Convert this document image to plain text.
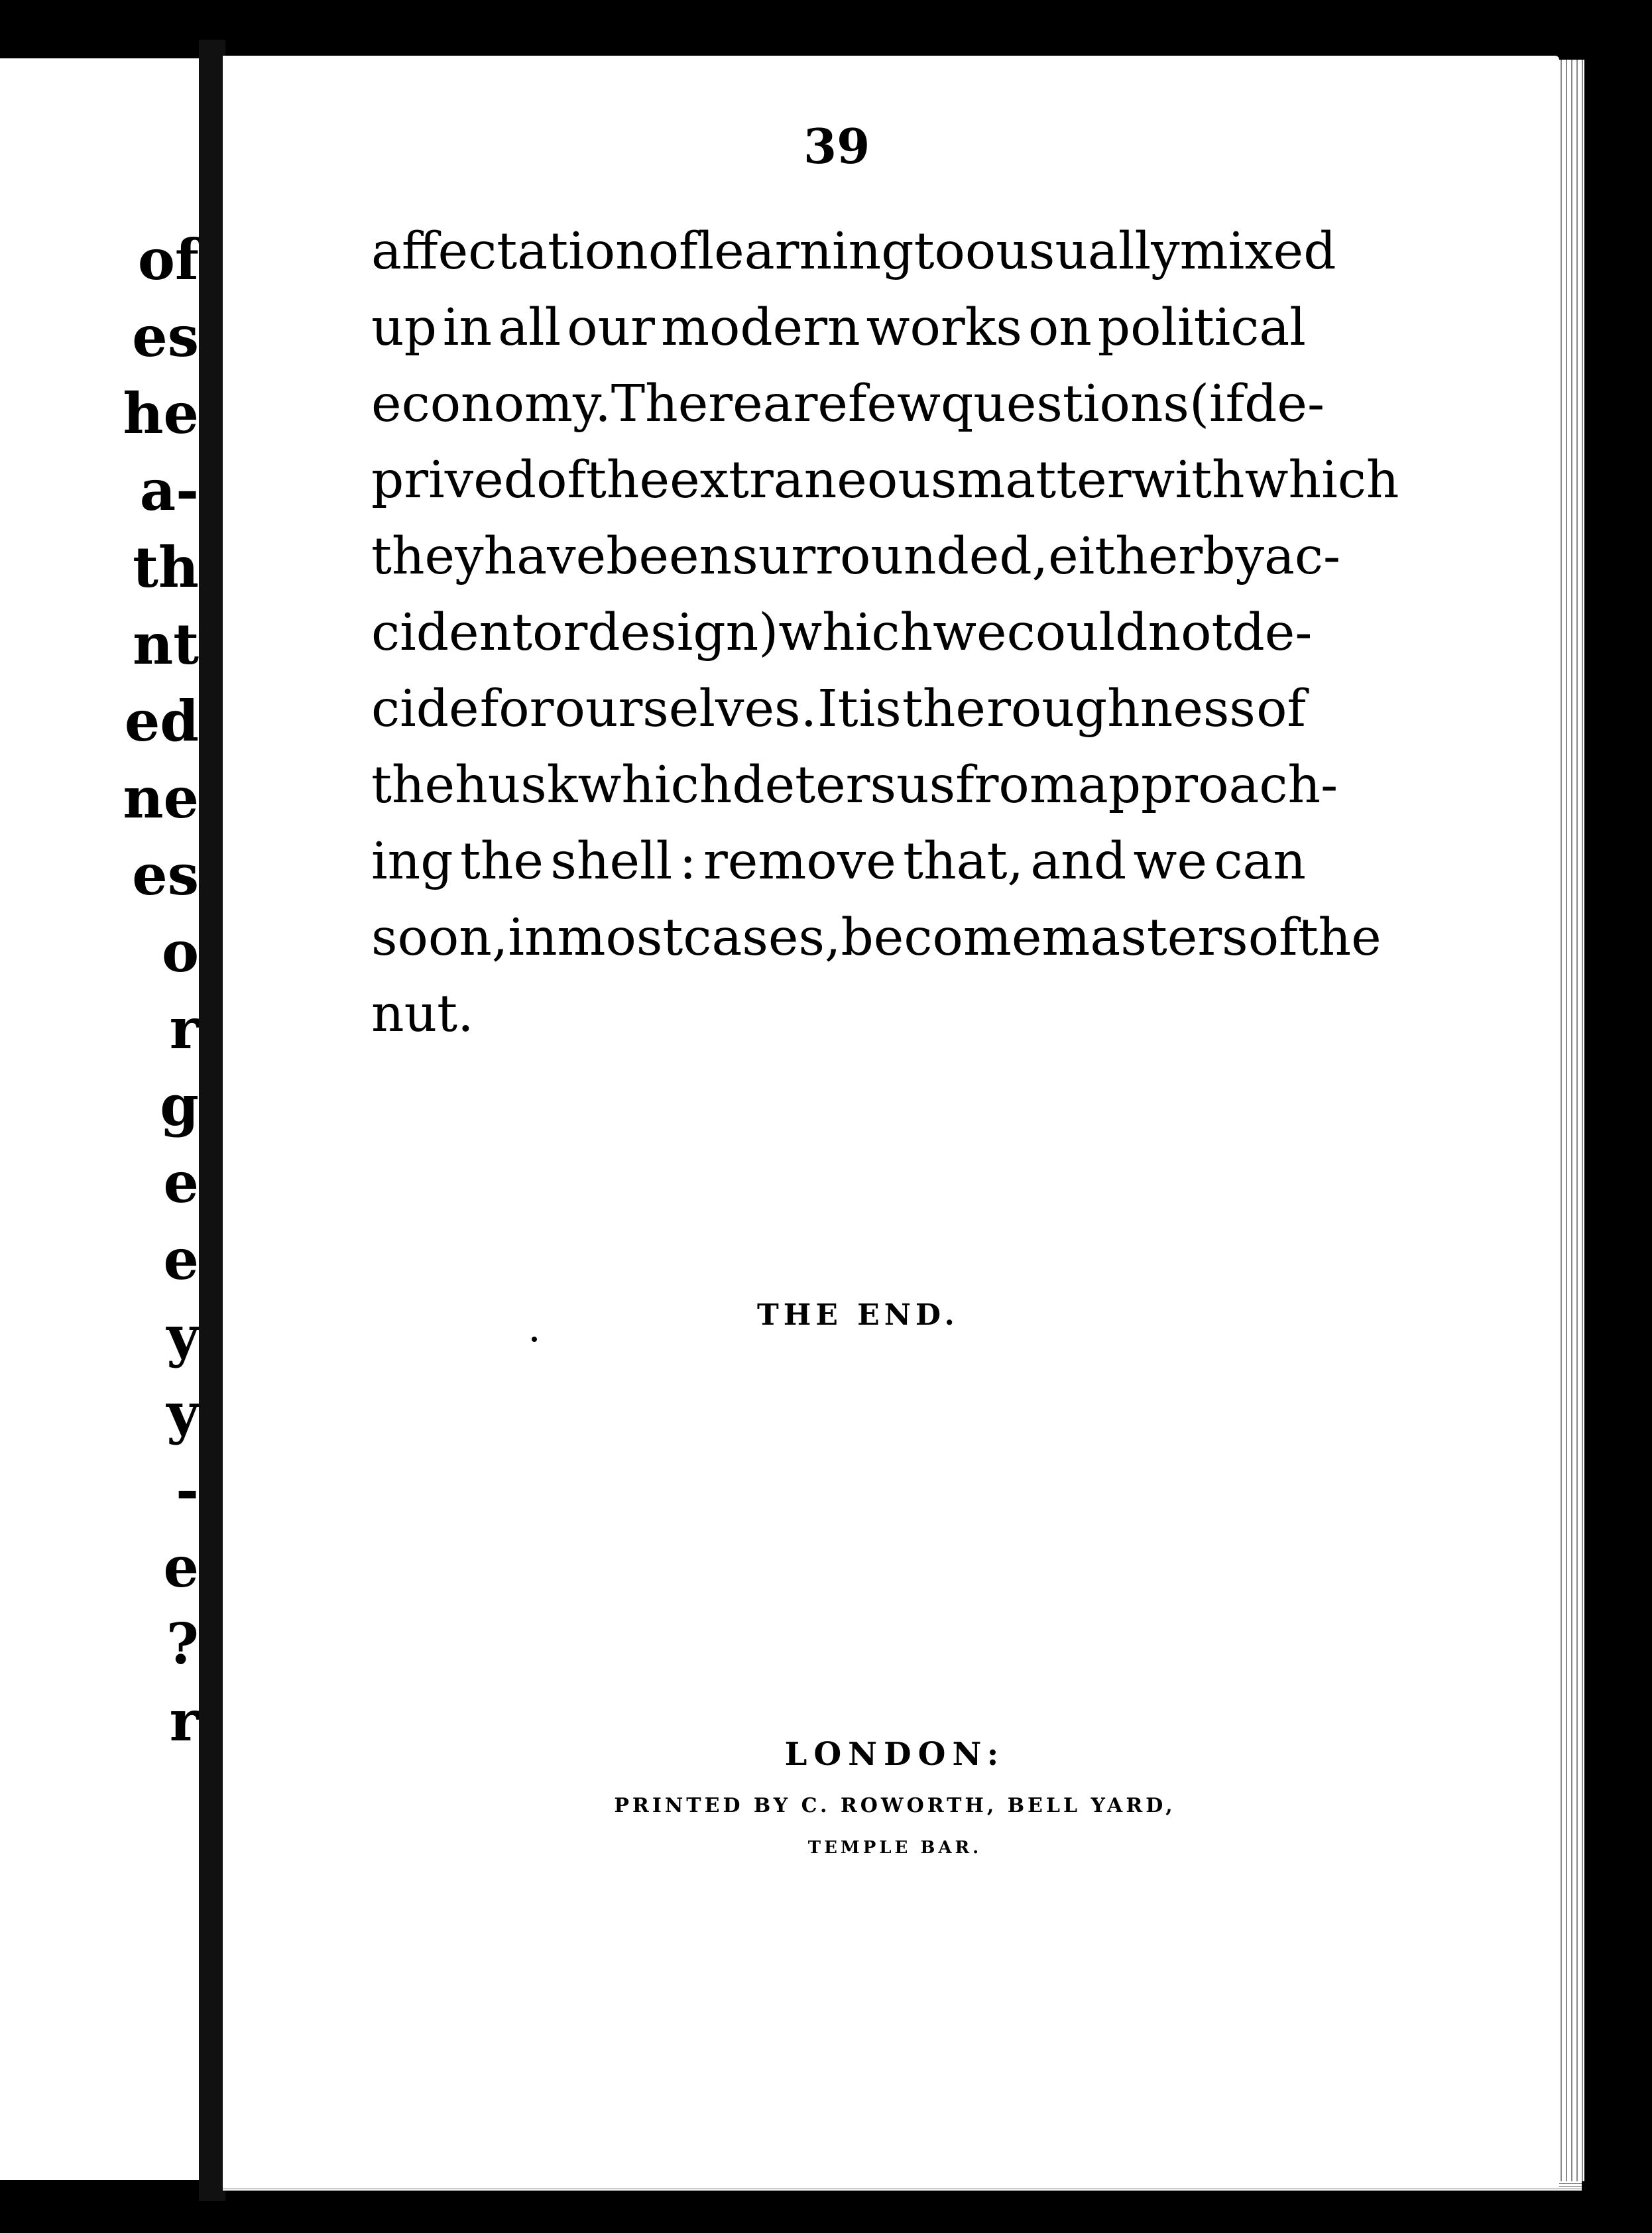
of
es
he
a-
th
nt
ed
ne
es
o
r
g
e
e
y
y
-
e
?
r
39
affectation of learning too usually mixed
up in all our modern works on political
economy. There are few questions (if de-
prived of the extraneous matter with which
they have been surrounded, either by ac-
cident or design) which we could not de-
cide for ourselves. It is the roughness of
the husk which deters us from approach-
ing the shell : remove that, and we can
soon, in most cases, become masters of the
nut.
THE END.
LONDON:
PRINTED BY C. ROWORTH, BELL YARD,
TEMPLE BAR.
